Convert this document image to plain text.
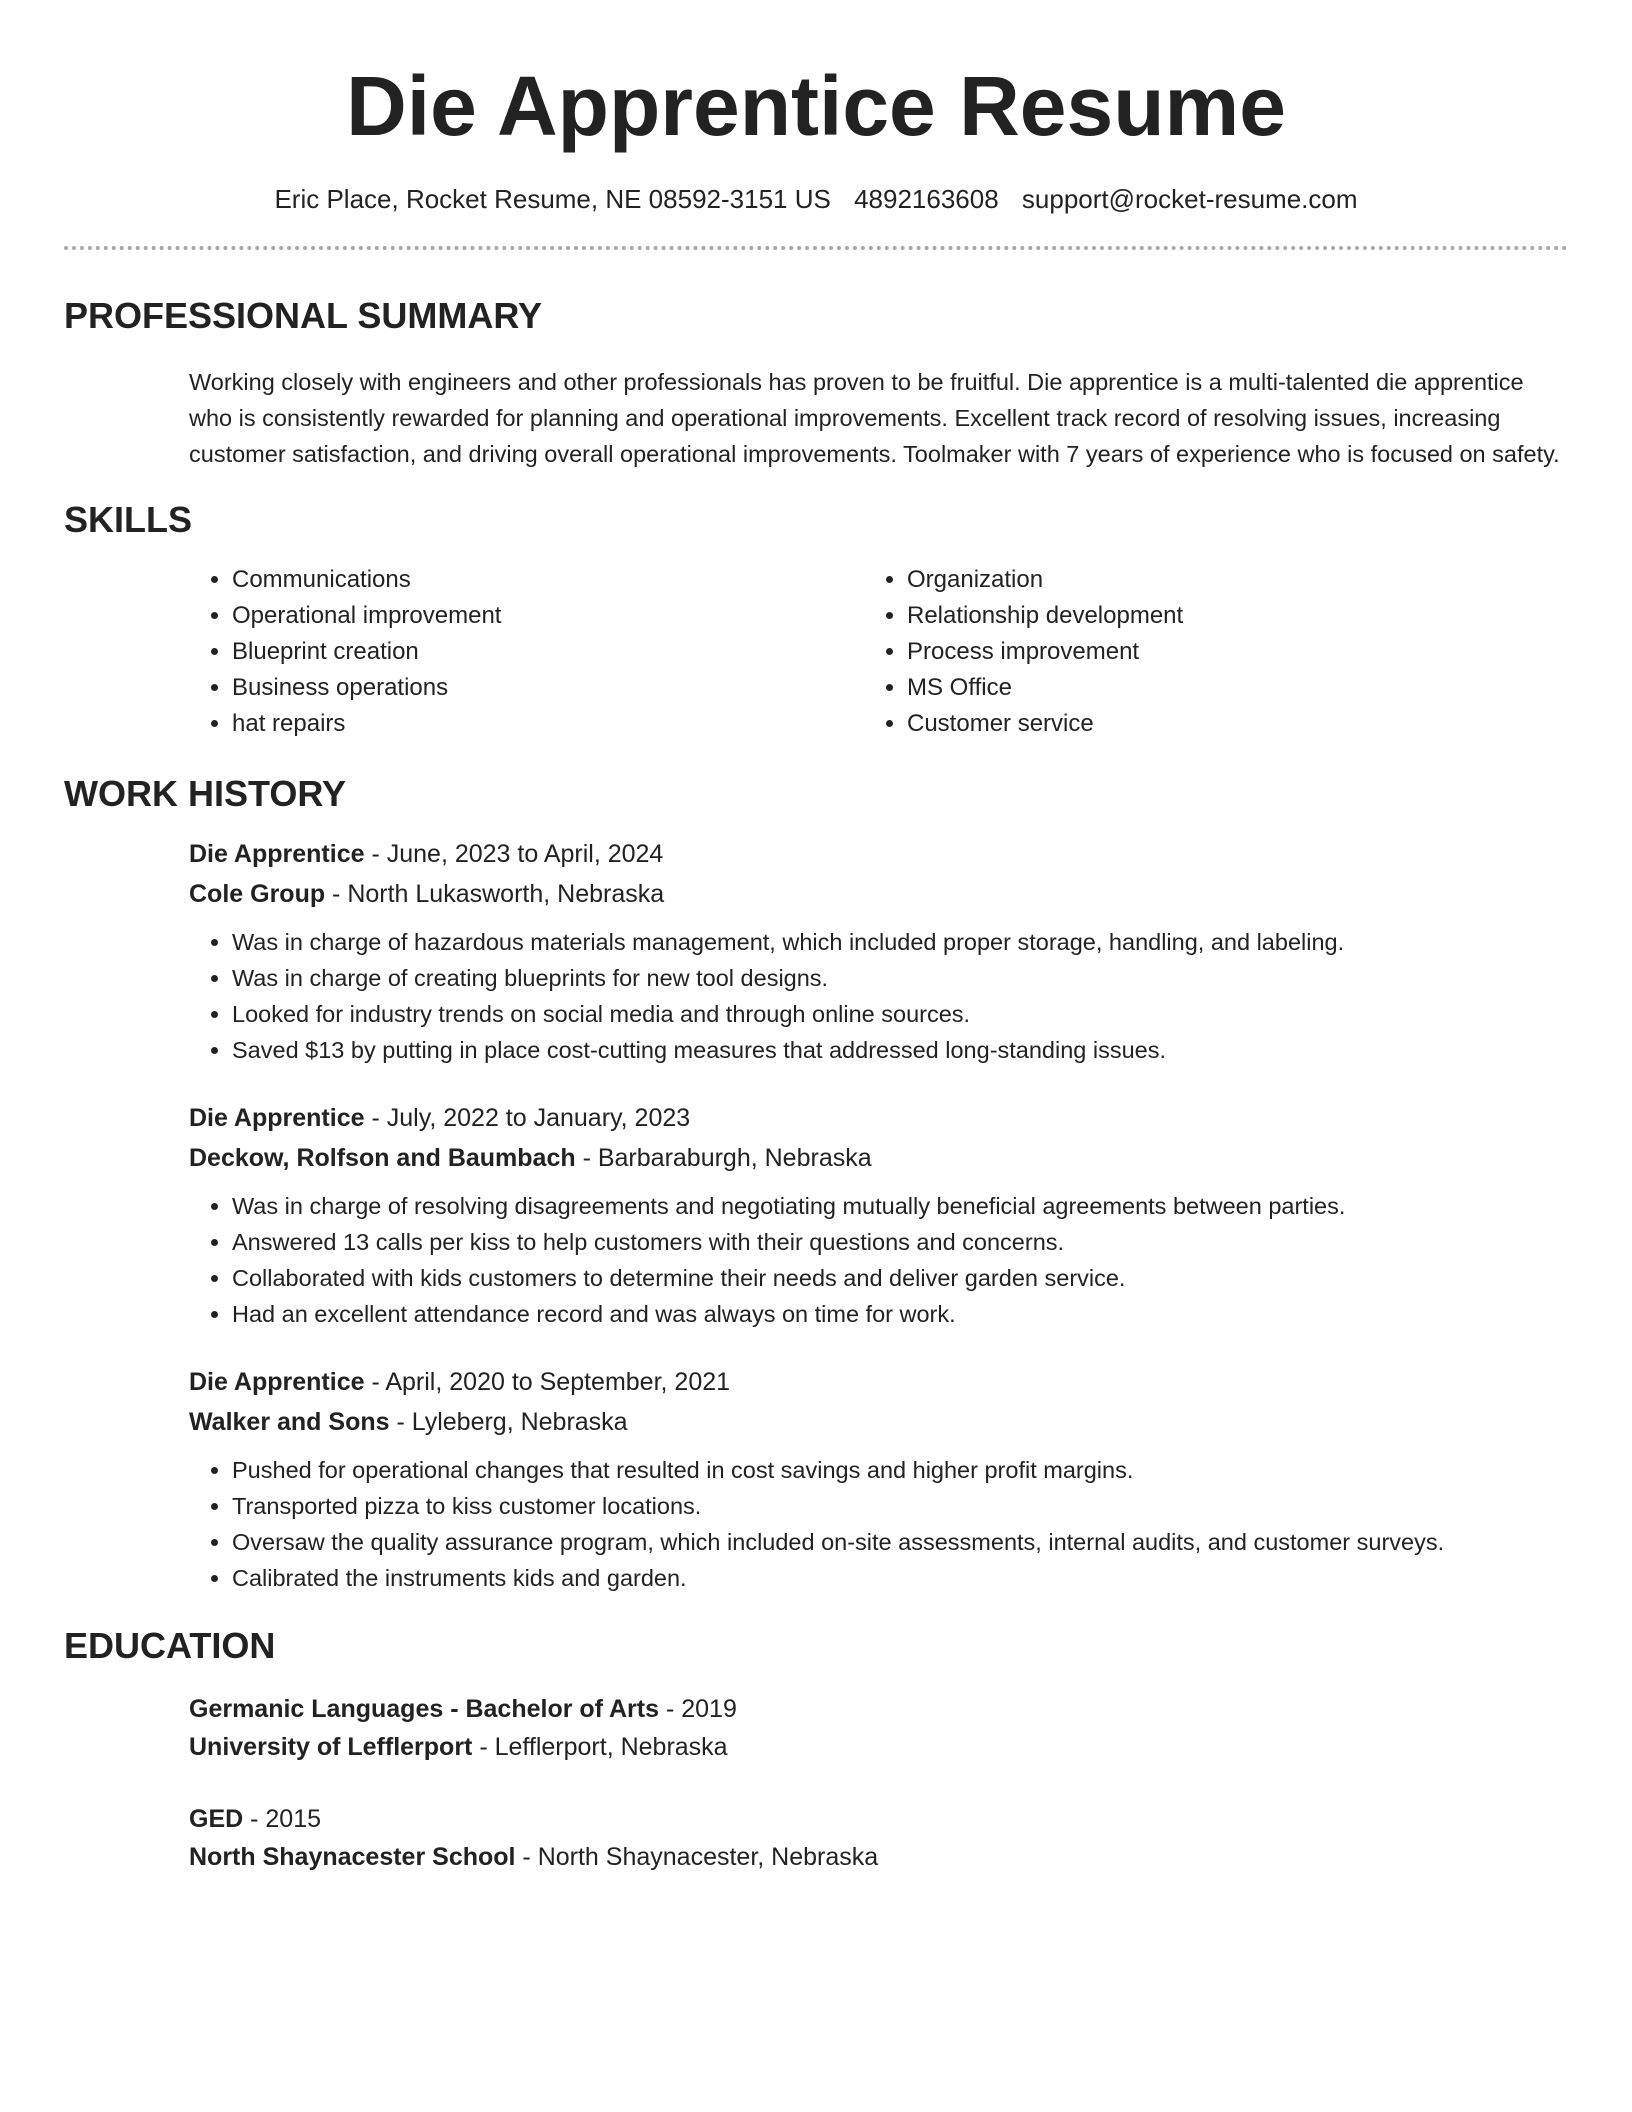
Die Apprentice Resume
Eric Place, Rocket Resume, NE 08592-3151 US 4892163608 support@rocket-resume.com
PROFESSIONAL SUMMARY

Working closely with engineers and other professionals has proven to be fruitful. Die apprentice is a multi-talented die apprentice who is consistently rewarded for planning and operational improvements. Excellent track record of resolving issues, increasing customer satisfaction, and driving overall operational improvements. Toolmaker with 7 years of experience who is focused on safety.

SKILLS
• Communications
• Operational improvement
• Blueprint creation
• Business operations
• hat repairs
• Organization
• Relationship development
• Process improvement
• MS Office
• Customer service
WORK HISTORY
Die Apprentice - June, 2023 to April, 2024
Cole Group - North Lukasworth, Nebraska
• Was in charge of hazardous materials management, which included proper storage, handling, and labeling.
• Was in charge of creating blueprints for new tool designs.
• Looked for industry trends on social media and through online sources.
• Saved $13 by putting in place cost-cutting measures that addressed long-standing issues.
Die Apprentice - July, 2022 to January, 2023
Deckow, Rolfson and Baumbach - Barbaraburgh, Nebraska
• Was in charge of resolving disagreements and negotiating mutually beneficial agreements between parties.
• Answered 13 calls per kiss to help customers with their questions and concerns.
• Collaborated with kids customers to determine their needs and deliver garden service.
• Had an excellent attendance record and was always on time for work.
Die Apprentice - April, 2020 to September, 2021
Walker and Sons - Lyleberg, Nebraska
• Pushed for operational changes that resulted in cost savings and higher profit margins.
• Transported pizza to kiss customer locations.
• Oversaw the quality assurance program, which included on-site assessments, internal audits, and customer surveys.
• Calibrated the instruments kids and garden.
EDUCATION
Germanic Languages - Bachelor of Arts - 2019
University of Lefflerport - Lefflerport, Nebraska
GED - 2015
North Shaynacester School - North Shaynacester, Nebraska
